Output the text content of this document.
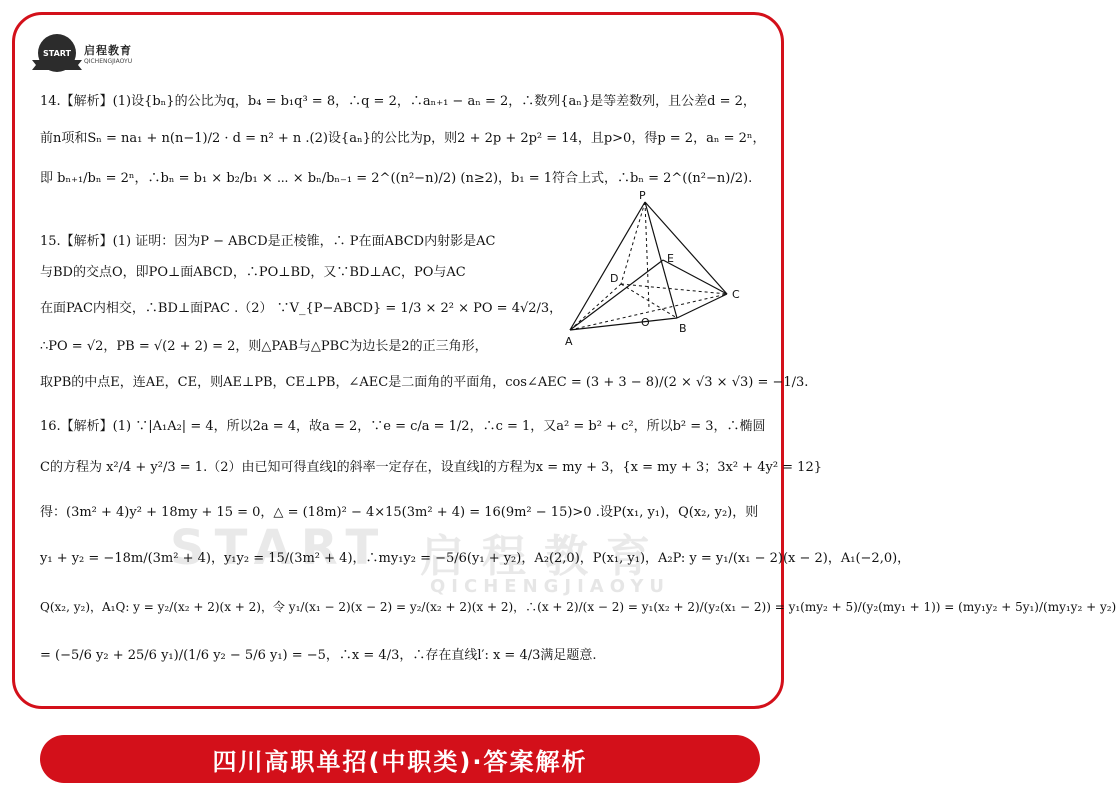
START	启程教育
QICHENGJIAOYU
START 启程教育
QICHENGJIAOYU
14.【解析】(1)设{bₙ}的公比为q，b₄ = b₁q³ = 8，∴q = 2，∴aₙ₊₁ − aₙ = 2，∴数列{aₙ}是等差数列，且公差d = 2，
前n项和Sₙ = na₁ + n(n−1)/2 · d = n² + n .(2)设{aₙ}的公比为p，则2 + 2p + 2p² = 14，且p>0，得p = 2，aₙ = 2ⁿ，
即 bₙ₊₁/bₙ = 2ⁿ，∴bₙ = b₁ × b₂/b₁ × ⋯ × bₙ/bₙ₋₁ = 2^((n²−n)/2) (n≥2)，b₁ = 1符合上式，∴bₙ = 2^((n²−n)/2).
15.【解析】(1) 证明：因为P − ABCD是正棱锥，∴ P在面ABCD内射影是AC
与BD的交点O，即PO⊥面ABCD，∴PO⊥BD，又∵BD⊥AC，PO与AC
在面PAC内相交，∴BD⊥面PAC .（2） ∵V_{P−ABCD} = 1/3 × 2² × PO = 4√2/3，
∴PO = √2，PB = √(2 + 2) = 2，则△PAB与△PBC为边长是2的正三角形，
取PB的中点E，连AE，CE，则AE⊥PB，CE⊥PB，∠AEC是二面角的平面角，cos∠AEC = (3 + 3 − 8)/(2 × √3 × √3) = −1/3.
P
A
B
C
D
E
O
16.【解析】(1) ∵|A₁A₂| = 4，所以2a = 4，故a = 2，∵e = c/a = 1/2，∴c = 1，又a² = b² + c²，所以b² = 3，∴椭圆
C的方程为 x²/4 + y²/3 = 1.（2）由已知可得直线l的斜率一定存在，设直线l的方程为x = my + 3，{x = my + 3；3x² + 4y² = 12}
得：(3m² + 4)y² + 18my + 15 = 0，△ = (18m)² − 4×15(3m² + 4) = 16(9m² − 15)>0 .设P(x₁, y₁)，Q(x₂, y₂)，则
y₁ + y₂ = −18m/(3m² + 4)，y₁y₂ = 15/(3m² + 4)，∴my₁y₂ = −5/6(y₁ + y₂)，A₂(2,0)，P(x₁, y₁)，A₂P: y = y₁/(x₁ − 2)(x − 2)，A₁(−2,0)，
Q(x₂, y₂)，A₁Q: y = y₂/(x₂ + 2)(x + 2)，令 y₁/(x₁ − 2)(x − 2) = y₂/(x₂ + 2)(x + 2)，∴(x + 2)/(x − 2) = y₁(x₂ + 2)/(y₂(x₁ − 2)) = y₁(my₂ + 5)/(y₂(my₁ + 1)) = (my₁y₂ + 5y₁)/(my₁y₂ + y₂)
= (−5/6 y₂ + 25/6 y₁)/(1/6 y₂ − 5/6 y₁) = −5，∴x = 4/3，∴存在直线l′: x = 4/3满足题意.
四川高职单招(中职类)·答案解析
